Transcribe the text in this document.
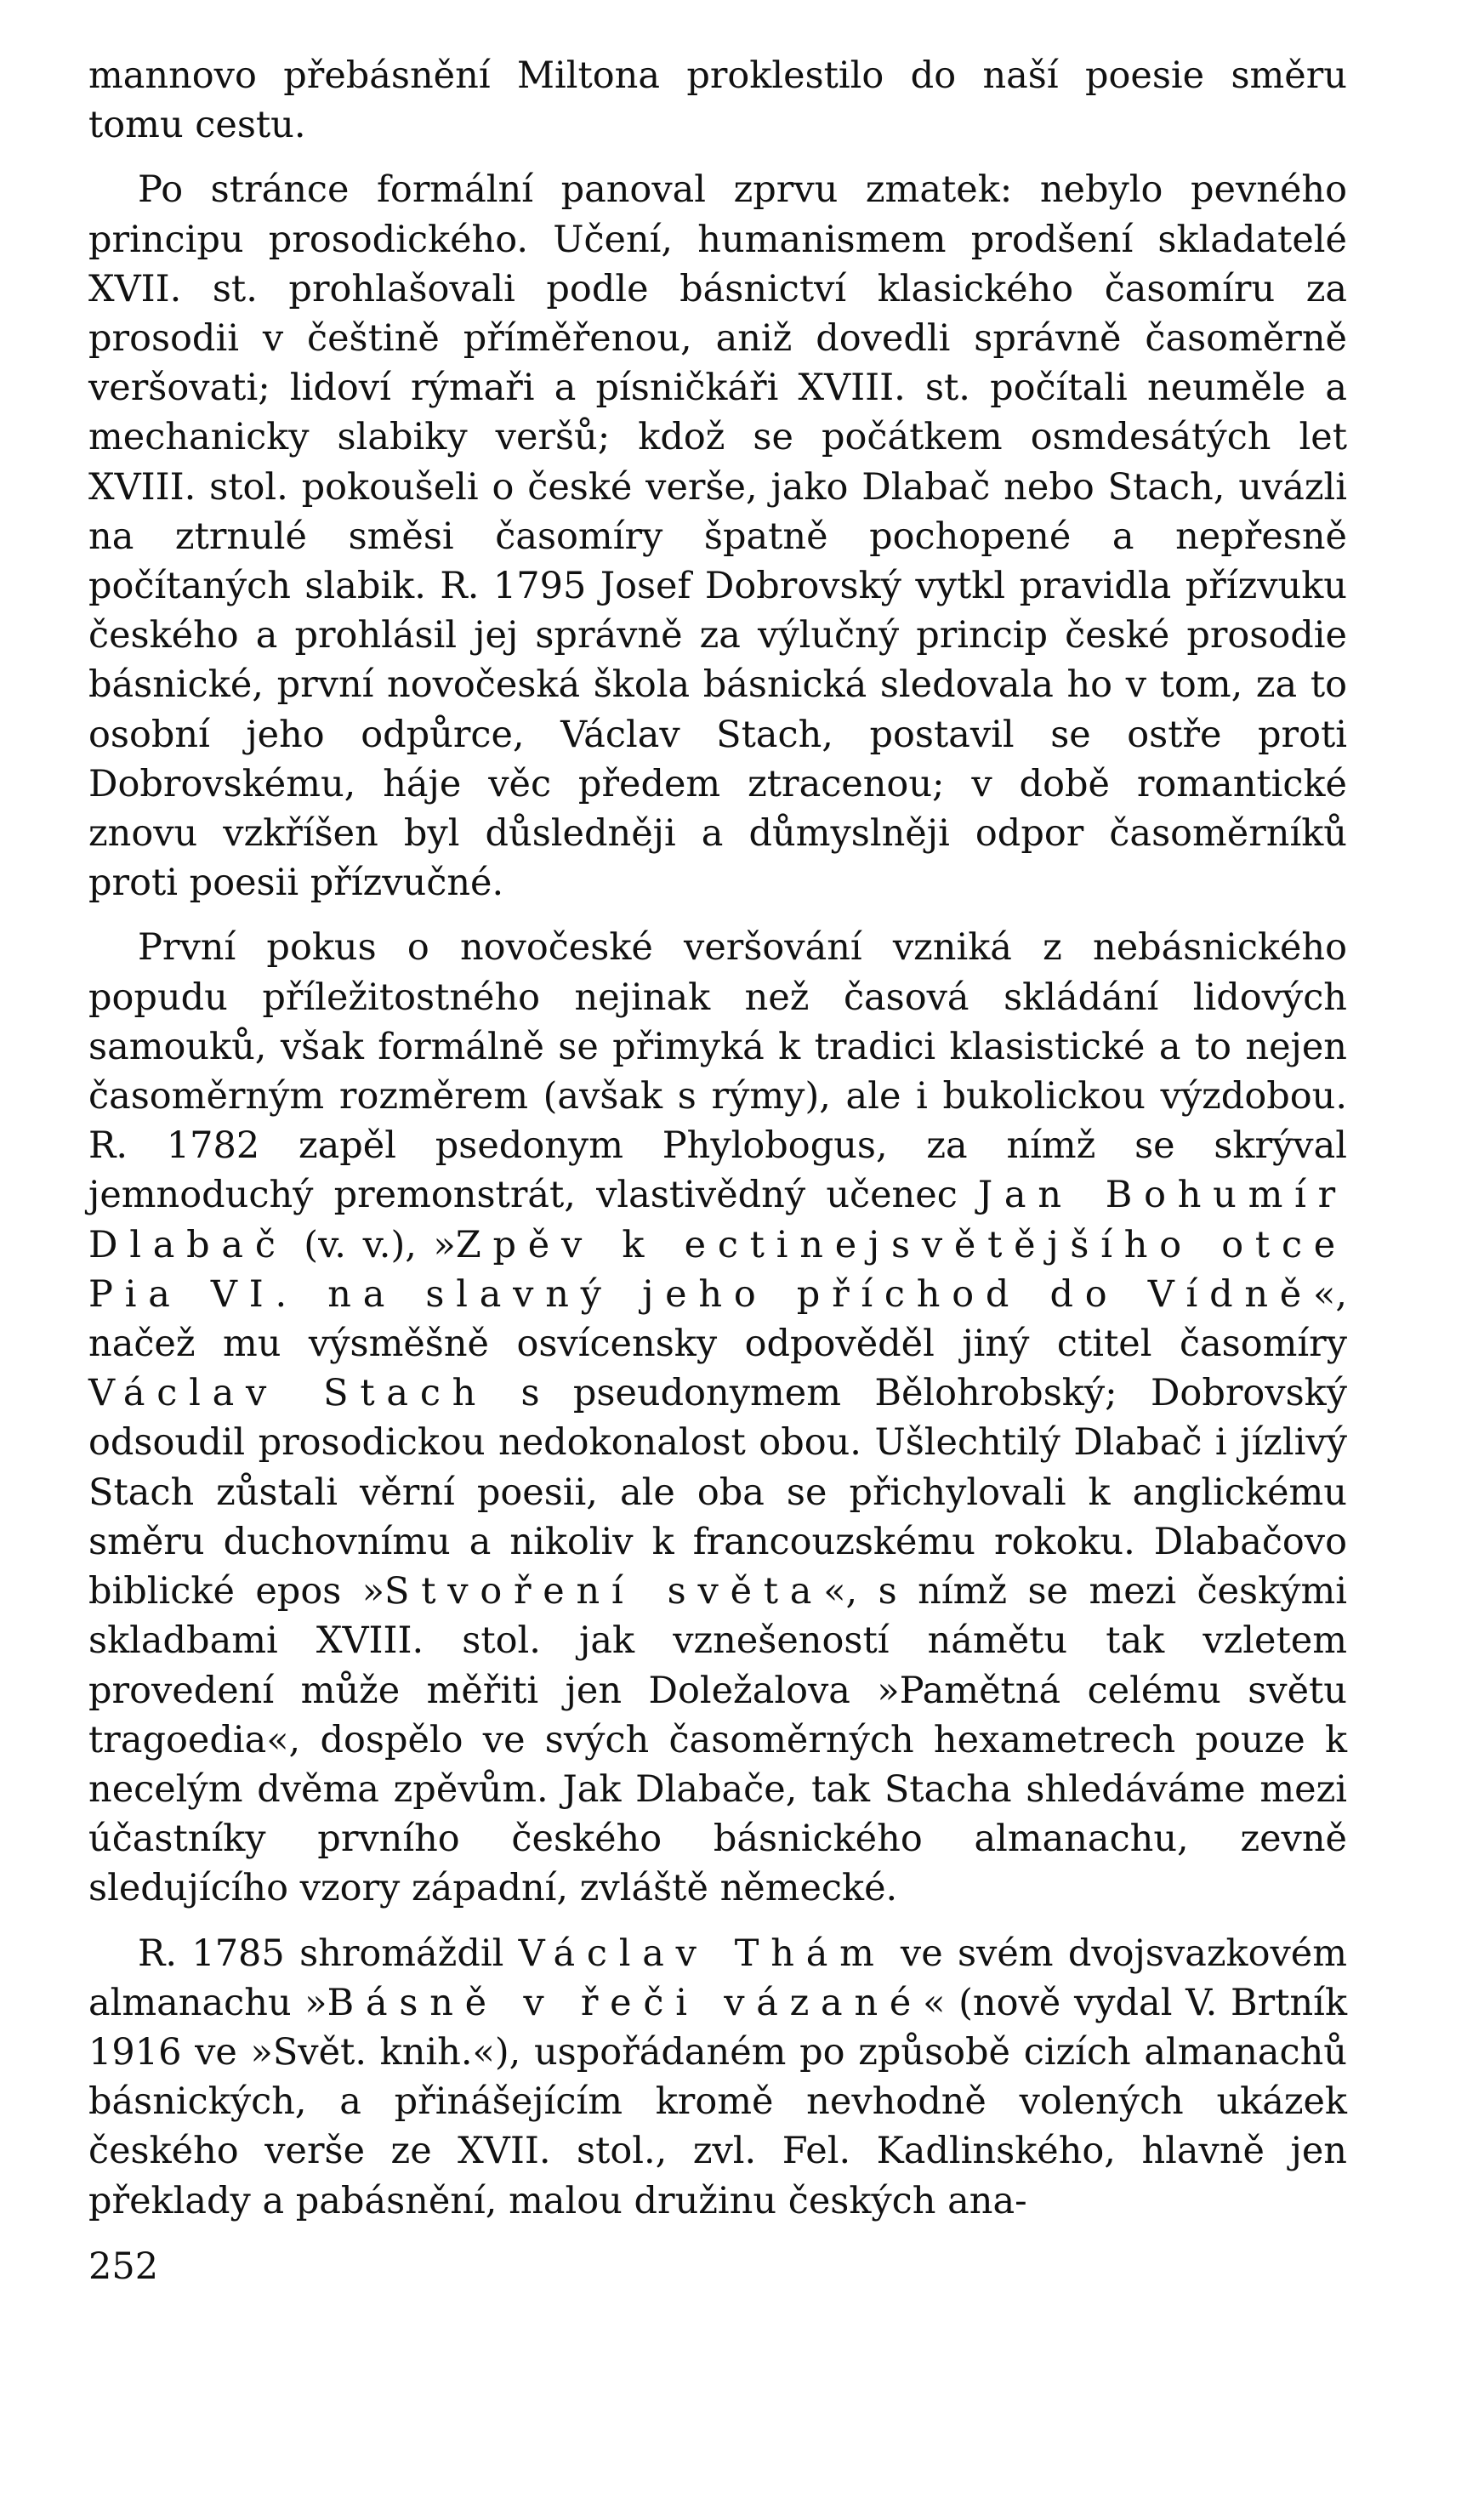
mannovo přebásnění Miltona proklestilo do naší poesie směru tomu cestu.

Po stránce formální panoval zprvu zmatek: nebylo pevného principu prosodického. Učení, humanismem prodšení skladatelé XVII. st. prohlašovali podle básnictví klasického časomíru za prosodii v češtině příměřenou, aniž dovedli správně časoměrně veršovati; lidoví rýmaři a písničkáři XVIII. st. počítali neuměle a mechanicky slabiky veršů; kdož se počátkem osmdesátých let XVIII. stol. pokoušeli o české verše, jako Dlabač nebo Stach, uvázli na ztrnulé směsi časomíry špatně pochopené a nepřesně počítaných slabik. R. 1795 Josef Dobrovský vytkl pravidla přízvuku českého a prohlásil jej správně za výlučný princip české prosodie básnické, první novočeská škola básnická sledovala ho v tom, za to osobní jeho odpůrce, Václav Stach, postavil se ostře proti Dobrovskému, háje věc předem ztracenou; v době romantické znovu vzkříšen byl důsledněji a důmyslněji odpor časoměrníků proti poesii přízvučné.

První pokus o novočeské veršování vzniká z nebásnického popudu příležitostného nejinak než časová skládání lidových samouků, však formálně se přimyká k tradici klasistické a to nejen časoměrným rozměrem (avšak s rýmy), ale i bukolickou výzdobou. R. 1782 zapěl psedonym Phylobogus, za nímž se skrýval jemnoduchý premonstrát, vlastivědný učenec Jan Bohumír Dlabač (v. v.), »Zpěv k ectinejsvětějšího otce Pia VI. na slavný jeho příchod do Vídně«, načež mu výsměšně osvícensky odpověděl jiný ctitel časomíry Václav Stach s pseudonymem Bělohrobský; Dobrovský odsoudil prosodickou nedokonalost obou. Ušlechtilý Dlabač i jízlivý Stach zůstali věrní poesii, ale oba se přichylovali k anglickému směru duchovnímu a nikoliv k francouzskému rokoku. Dlabačovo biblické epos »Stvoření světa«, s nímž se mezi českými skladbami XVIII. stol. jak vznešeností námětu tak vzletem provedení může měřiti jen Doležalova »Pamětná celému světu tragoedia«, dospělo ve svých časoměrných hexametrech pouze k necelým dvěma zpěvům. Jak Dlabače, tak Stacha shledáváme mezi účastníky prvního českého básnického almanachu, zevně sledujícího vzory západní, zvláště německé.

R. 1785 shromáždil Václav Thám ve svém dvojsvazkovém almanachu »Básně v řeči vázané« (nově vydal V. Brtník 1916 ve »Svět. knih.«), uspořádaném po způsobě cizích almanachů básnických, a přinášejícím kromě nevhodně volených ukázek českého verše ze XVII. stol., zvl. Fel. Kadlinského, hlavně jen překlady a pabásnění, malou družinu českých ana-

252
